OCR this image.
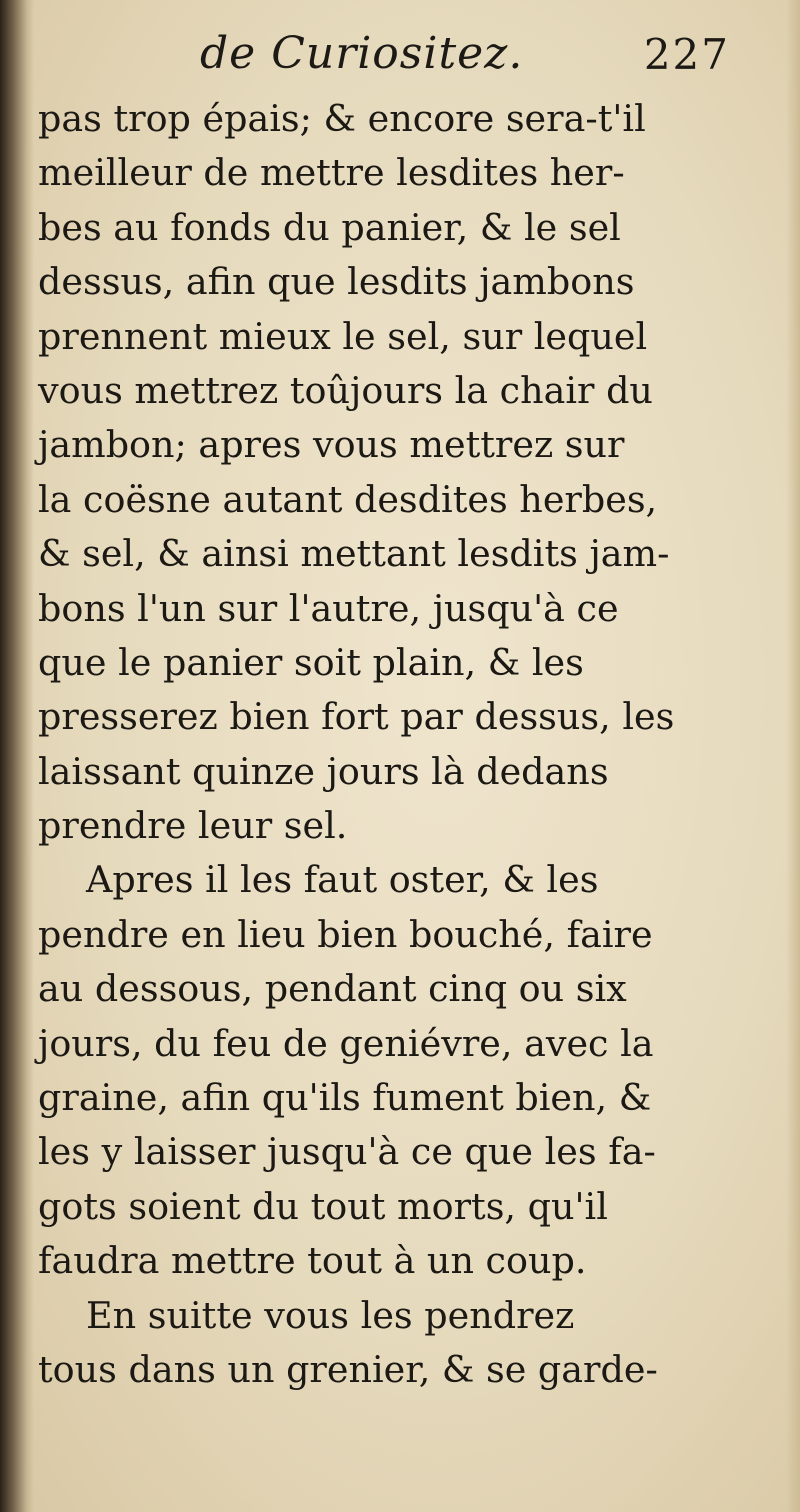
de Curiositez.	227
pas trop épais; & encore sera-t'il
meilleur de mettre lesdites her-
bes au fonds du panier, & le sel
dessus, afin que lesdits jambons
prennent mieux le sel, sur lequel
vous mettrez toûjours la chair du
jambon; apres vous mettrez sur
la coësne autant desdites herbes,
& sel, & ainsi mettant lesdits jam-
bons l'un sur l'autre, jusqu'à ce
que le panier soit plain, & les
presserez bien fort par dessus, les
laissant quinze jours là dedans
prendre leur sel.
Apres il les faut oster, & les
pendre en lieu bien bouché, faire
au dessous, pendant cinq ou six
jours, du feu de geniévre, avec la
graine, afin qu'ils fument bien, &
les y laisser jusqu'à ce que les fa-
gots soient du tout morts, qu'il
faudra mettre tout à un coup.
En suitte vous les pendrez
tous dans un grenier, & se garde-
